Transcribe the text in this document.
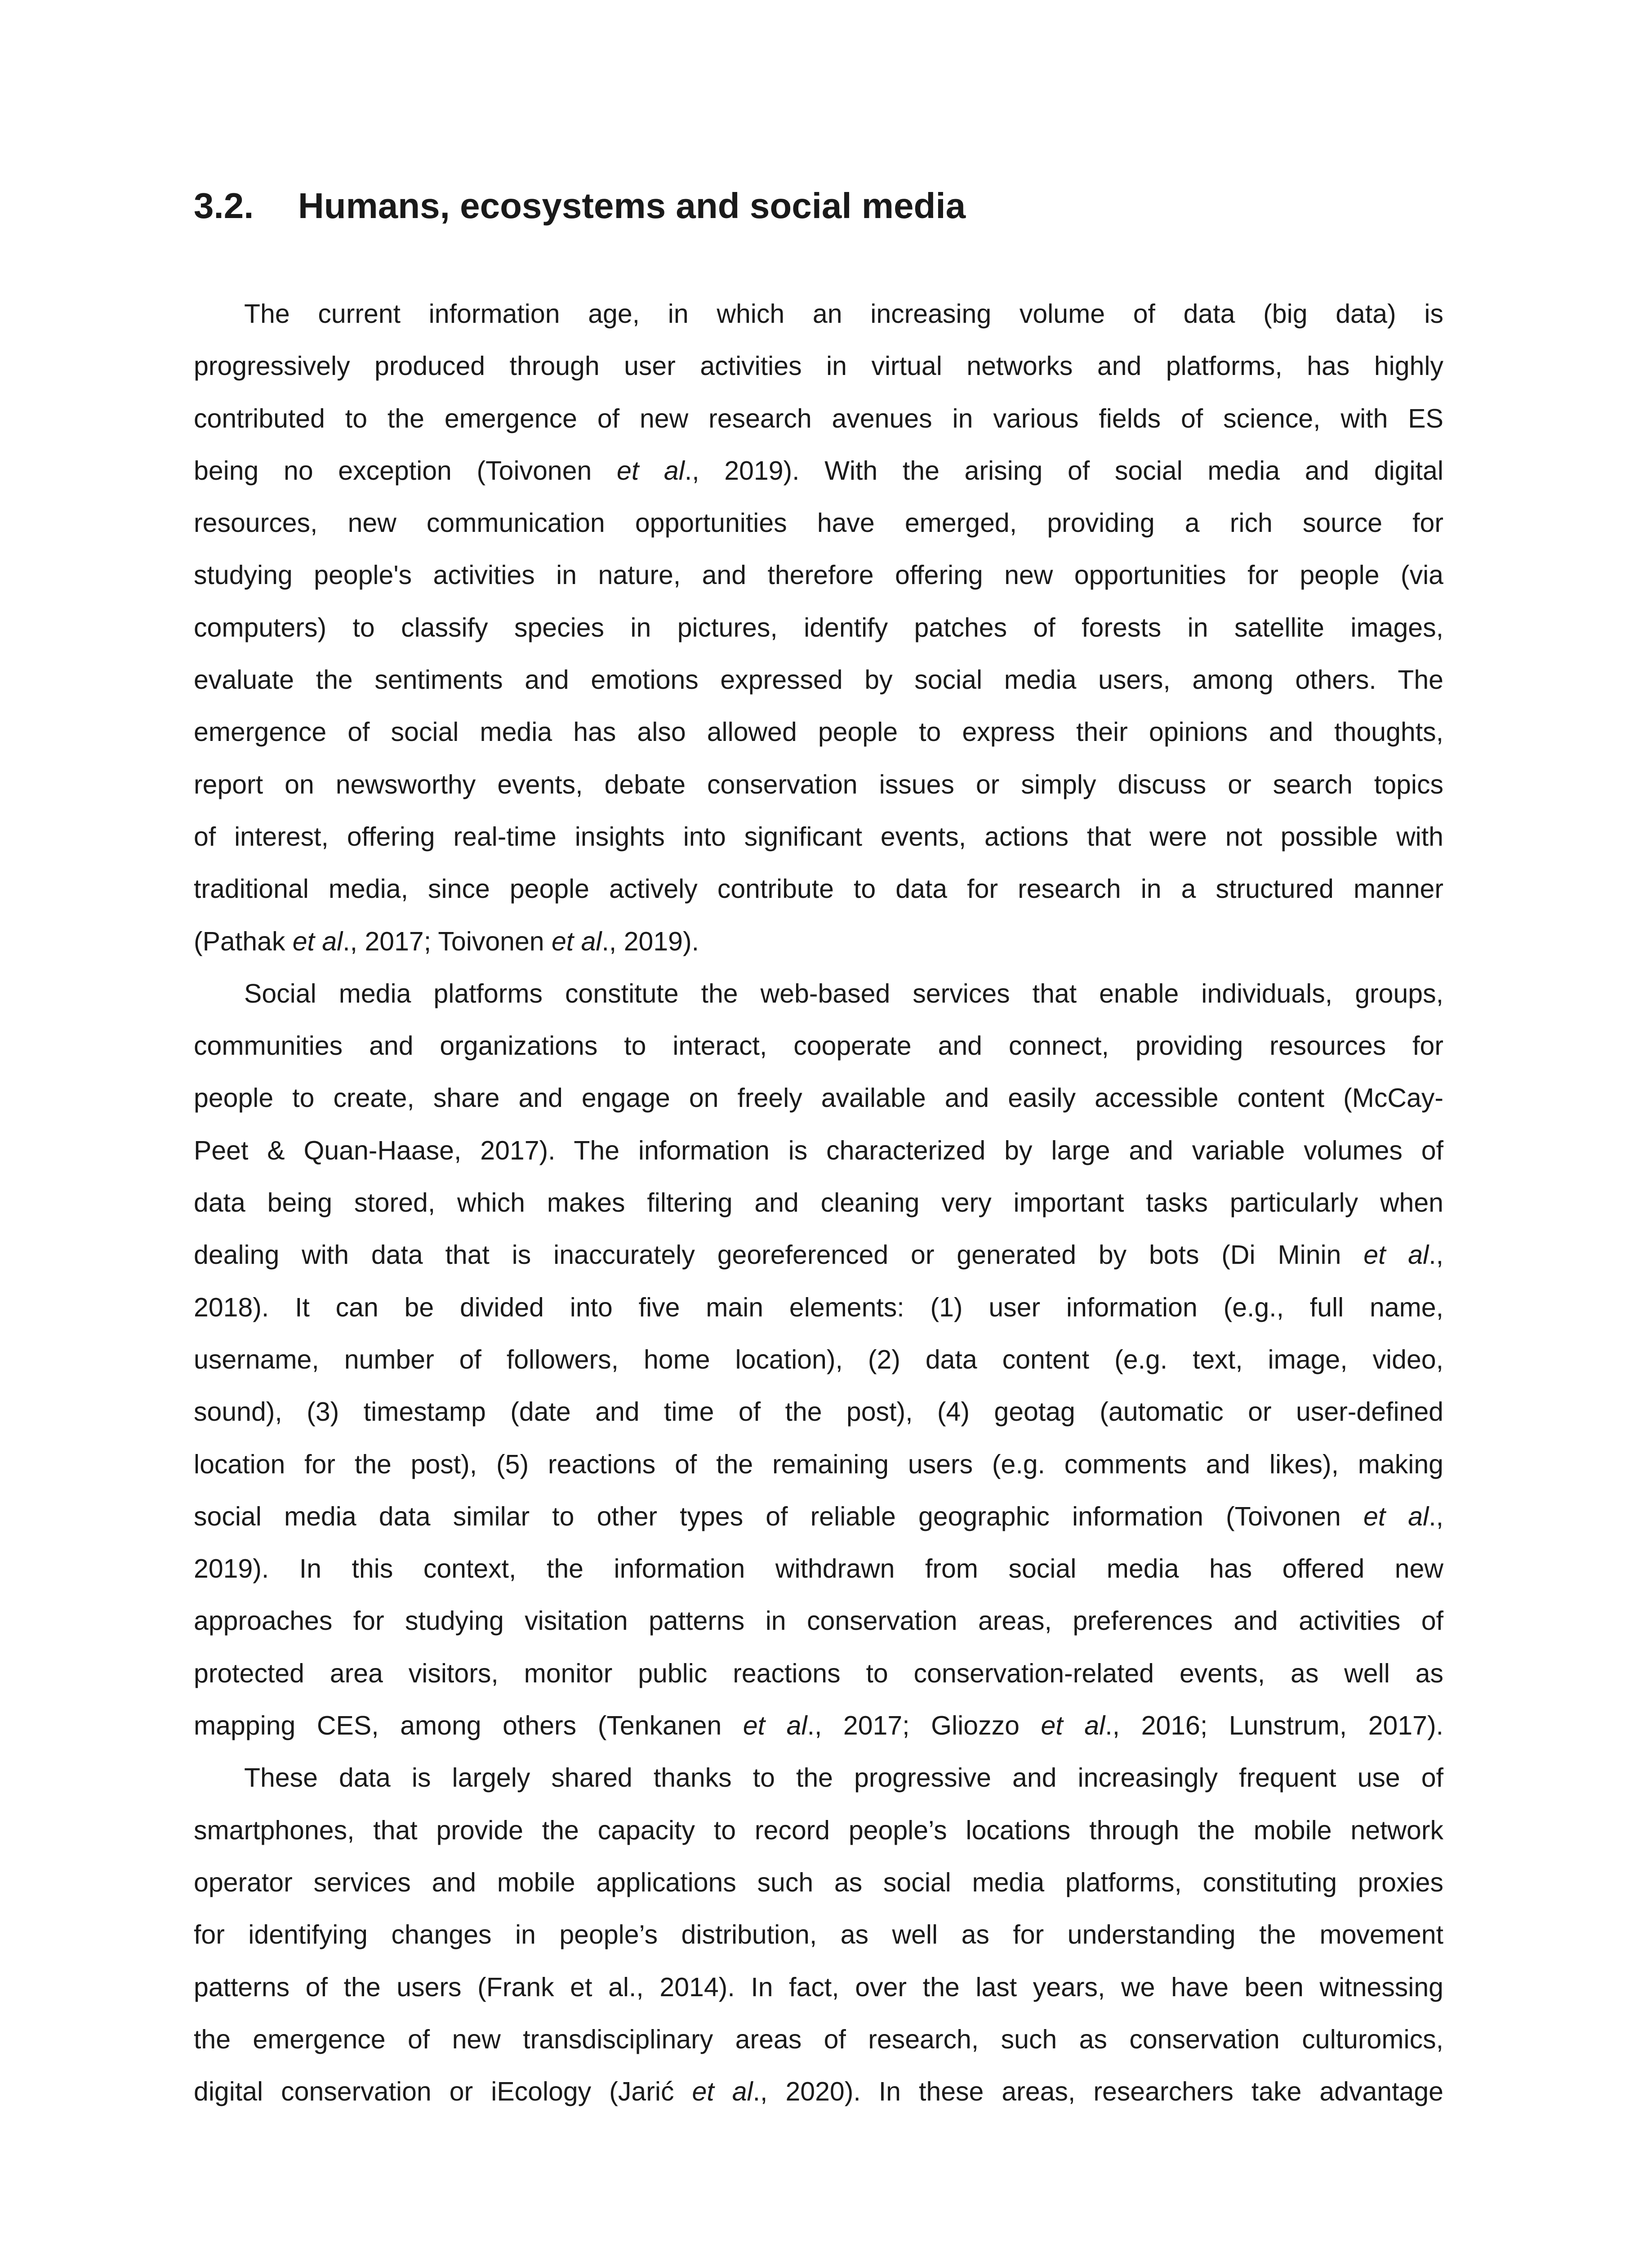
3.2. Humans, ecosystems and social media
The current information age, in which an increasing volume of data (big data) is
progressively produced through user activities in virtual networks and platforms, has highly
contributed to the emergence of new research avenues in various fields of science, with ES
being no exception (Toivonen et al., 2019). With the arising of social media and digital
resources, new communication opportunities have emerged, providing a rich source for
studying people's activities in nature, and therefore offering new opportunities for people (via
computers) to classify species in pictures, identify patches of forests in satellite images,
evaluate the sentiments and emotions expressed by social media users, among others. The
emergence of social media has also allowed people to express their opinions and thoughts,
report on newsworthy events, debate conservation issues or simply discuss or search topics
of interest, offering real-time insights into significant events, actions that were not possible with
traditional media, since people actively contribute to data for research in a structured manner
(Pathak et al., 2017; Toivonen et al., 2019).
Social media platforms constitute the web-based services that enable individuals, groups,
communities and organizations to interact, cooperate and connect, providing resources for
people to create, share and engage on freely available and easily accessible content (McCay-
Peet & Quan-Haase, 2017). The information is characterized by large and variable volumes of
data being stored, which makes filtering and cleaning very important tasks particularly when
dealing with data that is inaccurately georeferenced or generated by bots (Di Minin et al.,
2018). It can be divided into five main elements: (1) user information (e.g., full name,
username, number of followers, home location), (2) data content (e.g. text, image, video,
sound), (3) timestamp (date and time of the post), (4) geotag (automatic or user-defined
location for the post), (5) reactions of the remaining users (e.g. comments and likes), making
social media data similar to other types of reliable geographic information (Toivonen et al.,
2019). In this context, the information withdrawn from social media has offered new
approaches for studying visitation patterns in conservation areas, preferences and activities of
protected area visitors, monitor public reactions to conservation-related events, as well as
mapping CES, among others (Tenkanen et al., 2017; Gliozzo et al., 2016; Lunstrum, 2017).
These data is largely shared thanks to the progressive and increasingly frequent use of
smartphones, that provide the capacity to record people’s locations through the mobile network
operator services and mobile applications such as social media platforms, constituting proxies
for identifying changes in people’s distribution, as well as for understanding the movement
patterns of the users (Frank et al., 2014). In fact, over the last years, we have been witnessing
the emergence of new transdisciplinary areas of research, such as conservation culturomics,
digital conservation or iEcology (Jarić et al., 2020). In these areas, researchers take advantage
